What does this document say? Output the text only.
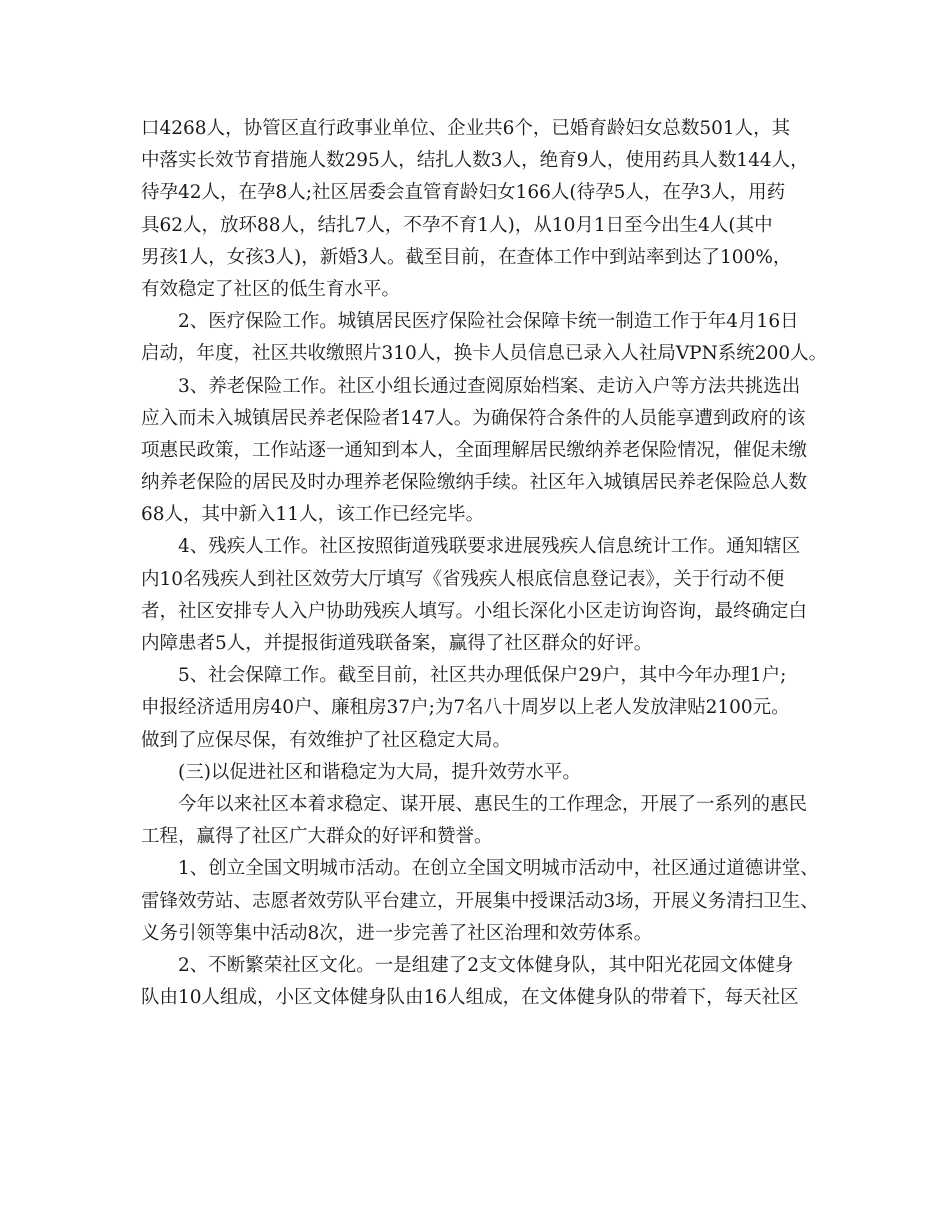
口4268人，协管区直行政事业单位、企业共6个，已婚育龄妇女总数501人，其
中落实长效节育措施人数295人，结扎人数3人，绝育9人，使用药具人数144人，
待孕42人，在孕8人;社区居委会直管育龄妇女166人(待孕5人，在孕3人，用药
具62人，放环88人，结扎7人，不孕不育1人)，从10月1日至今出生4人(其中
男孩1人，女孩3人)，新婚3人。截至目前，在查体工作中到站率到达了100%，
有效稳定了社区的低生育水平。
　　2、医疗保险工作。城镇居民医疗保险社会保障卡统一制造工作于年4月16日
启动，年度，社区共收缴照片310人，换卡人员信息已录入人社局VPN系统200人。
　　3、养老保险工作。社区小组长通过查阅原始档案、走访入户等方法共挑选出
应入而未入城镇居民养老保险者147人。为确保符合条件的人员能享遭到政府的该
项惠民政策，工作站逐一通知到本人，全面理解居民缴纳养老保险情况，催促未缴
纳养老保险的居民及时办理养老保险缴纳手续。社区年入城镇居民养老保险总人数
68人，其中新入11人，该工作已经完毕。
　　4、残疾人工作。社区按照街道残联要求进展残疾人信息统计工作。通知辖区
内10名残疾人到社区效劳大厅填写《省残疾人根底信息登记表》，关于行动不便
者，社区安排专人入户协助残疾人填写。小组长深化小区走访询咨询，最终确定白
内障患者5人，并提报街道残联备案，赢得了社区群众的好评。
　　5、社会保障工作。截至目前，社区共办理低保户29户，其中今年办理1户;
申报经济适用房40户、廉租房37户;为7名八十周岁以上老人发放津贴2100元。
做到了应保尽保，有效维护了社区稳定大局。
　　(三)以促进社区和谐稳定为大局，提升效劳水平。
　　今年以来社区本着求稳定、谋开展、惠民生的工作理念，开展了一系列的惠民
工程，赢得了社区广大群众的好评和赞誉。
　　1、创立全国文明城市活动。在创立全国文明城市活动中，社区通过道德讲堂、
雷锋效劳站、志愿者效劳队平台建立，开展集中授课活动3场，开展义务清扫卫生、
义务引领等集中活动8次，进一步完善了社区治理和效劳体系。
　　2、不断繁荣社区文化。一是组建了2支文体健身队，其中阳光花园文体健身
队由10人组成，小区文体健身队由16人组成，在文体健身队的带着下，每天社区
